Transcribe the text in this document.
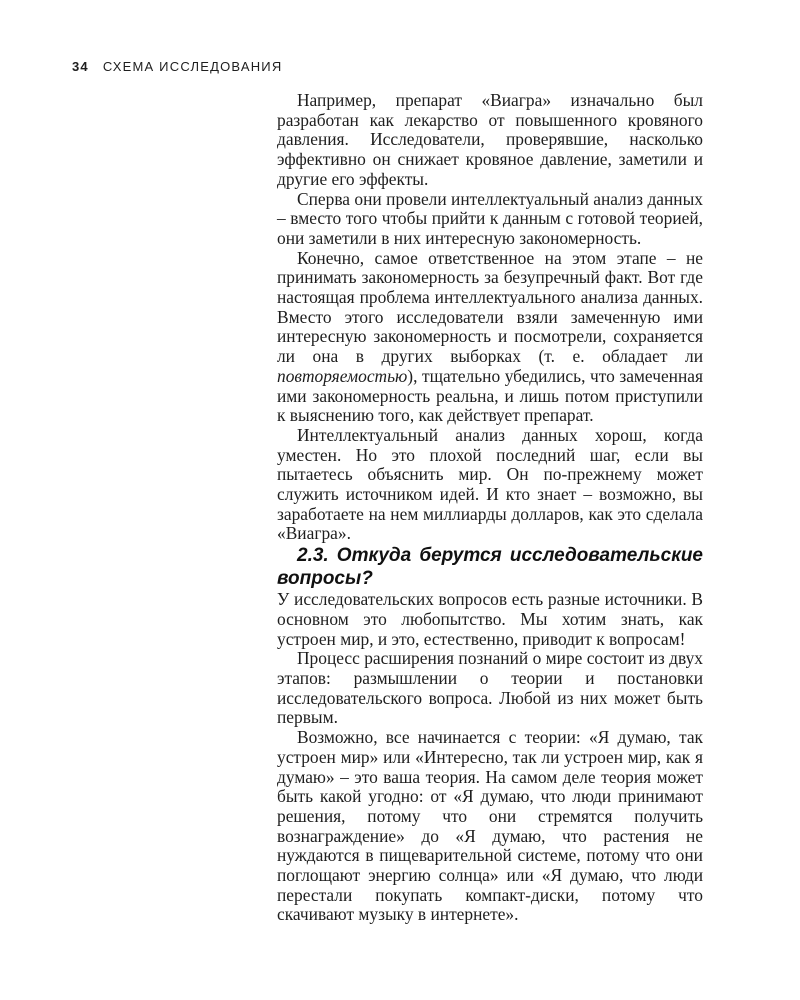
34 СХЕМА ИССЛЕДОВАНИЯ

Например, препарат «Виагра» изначально был разработан как лекарство от повышенного кровяного давления. Исследователи, проверявшие, насколько эффективно он снижает кровяное давление, заметили и другие его эффекты.

Сперва они провели интеллектуальный анализ данных – вместо того чтобы прийти к данным с готовой теорией, они заметили в них интересную закономерность.

Конечно, самое ответственное на этом этапе – не принимать закономерность за безупречный факт. Вот где настоящая проблема интеллектуального анализа данных. Вместо этого исследователи взяли замеченную ими интересную закономерность и посмотрели, сохраняется ли она в других выборках (т. е. обладает ли повторяемостью), тщательно убедились, что замеченная ими закономерность реальна, и лишь потом приступили к выяснению того, как действует препарат.

Интеллектуальный анализ данных хорош, когда уместен. Но это плохой последний шаг, если вы пытаетесь объяснить мир. Он по-прежнему может служить источником идей. И кто знает – возможно, вы заработаете на нем миллиарды долларов, как это сделала «Виагра».

2.3. Откуда берутся исследовательские вопросы?

У исследовательских вопросов есть разные источники. В основном это любопытство. Мы хотим знать, как устроен мир, и это, естественно, приводит к вопросам!

Процесс расширения познаний о мире состоит из двух этапов: размышлении о теории и постановки исследовательского вопроса. Любой из них может быть первым.

Возможно, все начинается с теории: «Я думаю, так устроен мир» или «Интересно, так ли устроен мир, как я думаю» – это ваша теория. На самом деле теория может быть какой угодно: от «Я думаю, что люди принимают решения, потому что они стремятся получить вознаграждение» до «Я думаю, что растения не нуждаются в пищеварительной системе, потому что они поглощают энергию солнца» или «Я думаю, что люди перестали покупать компакт-диски, потому что скачивают музыку в интернете».
